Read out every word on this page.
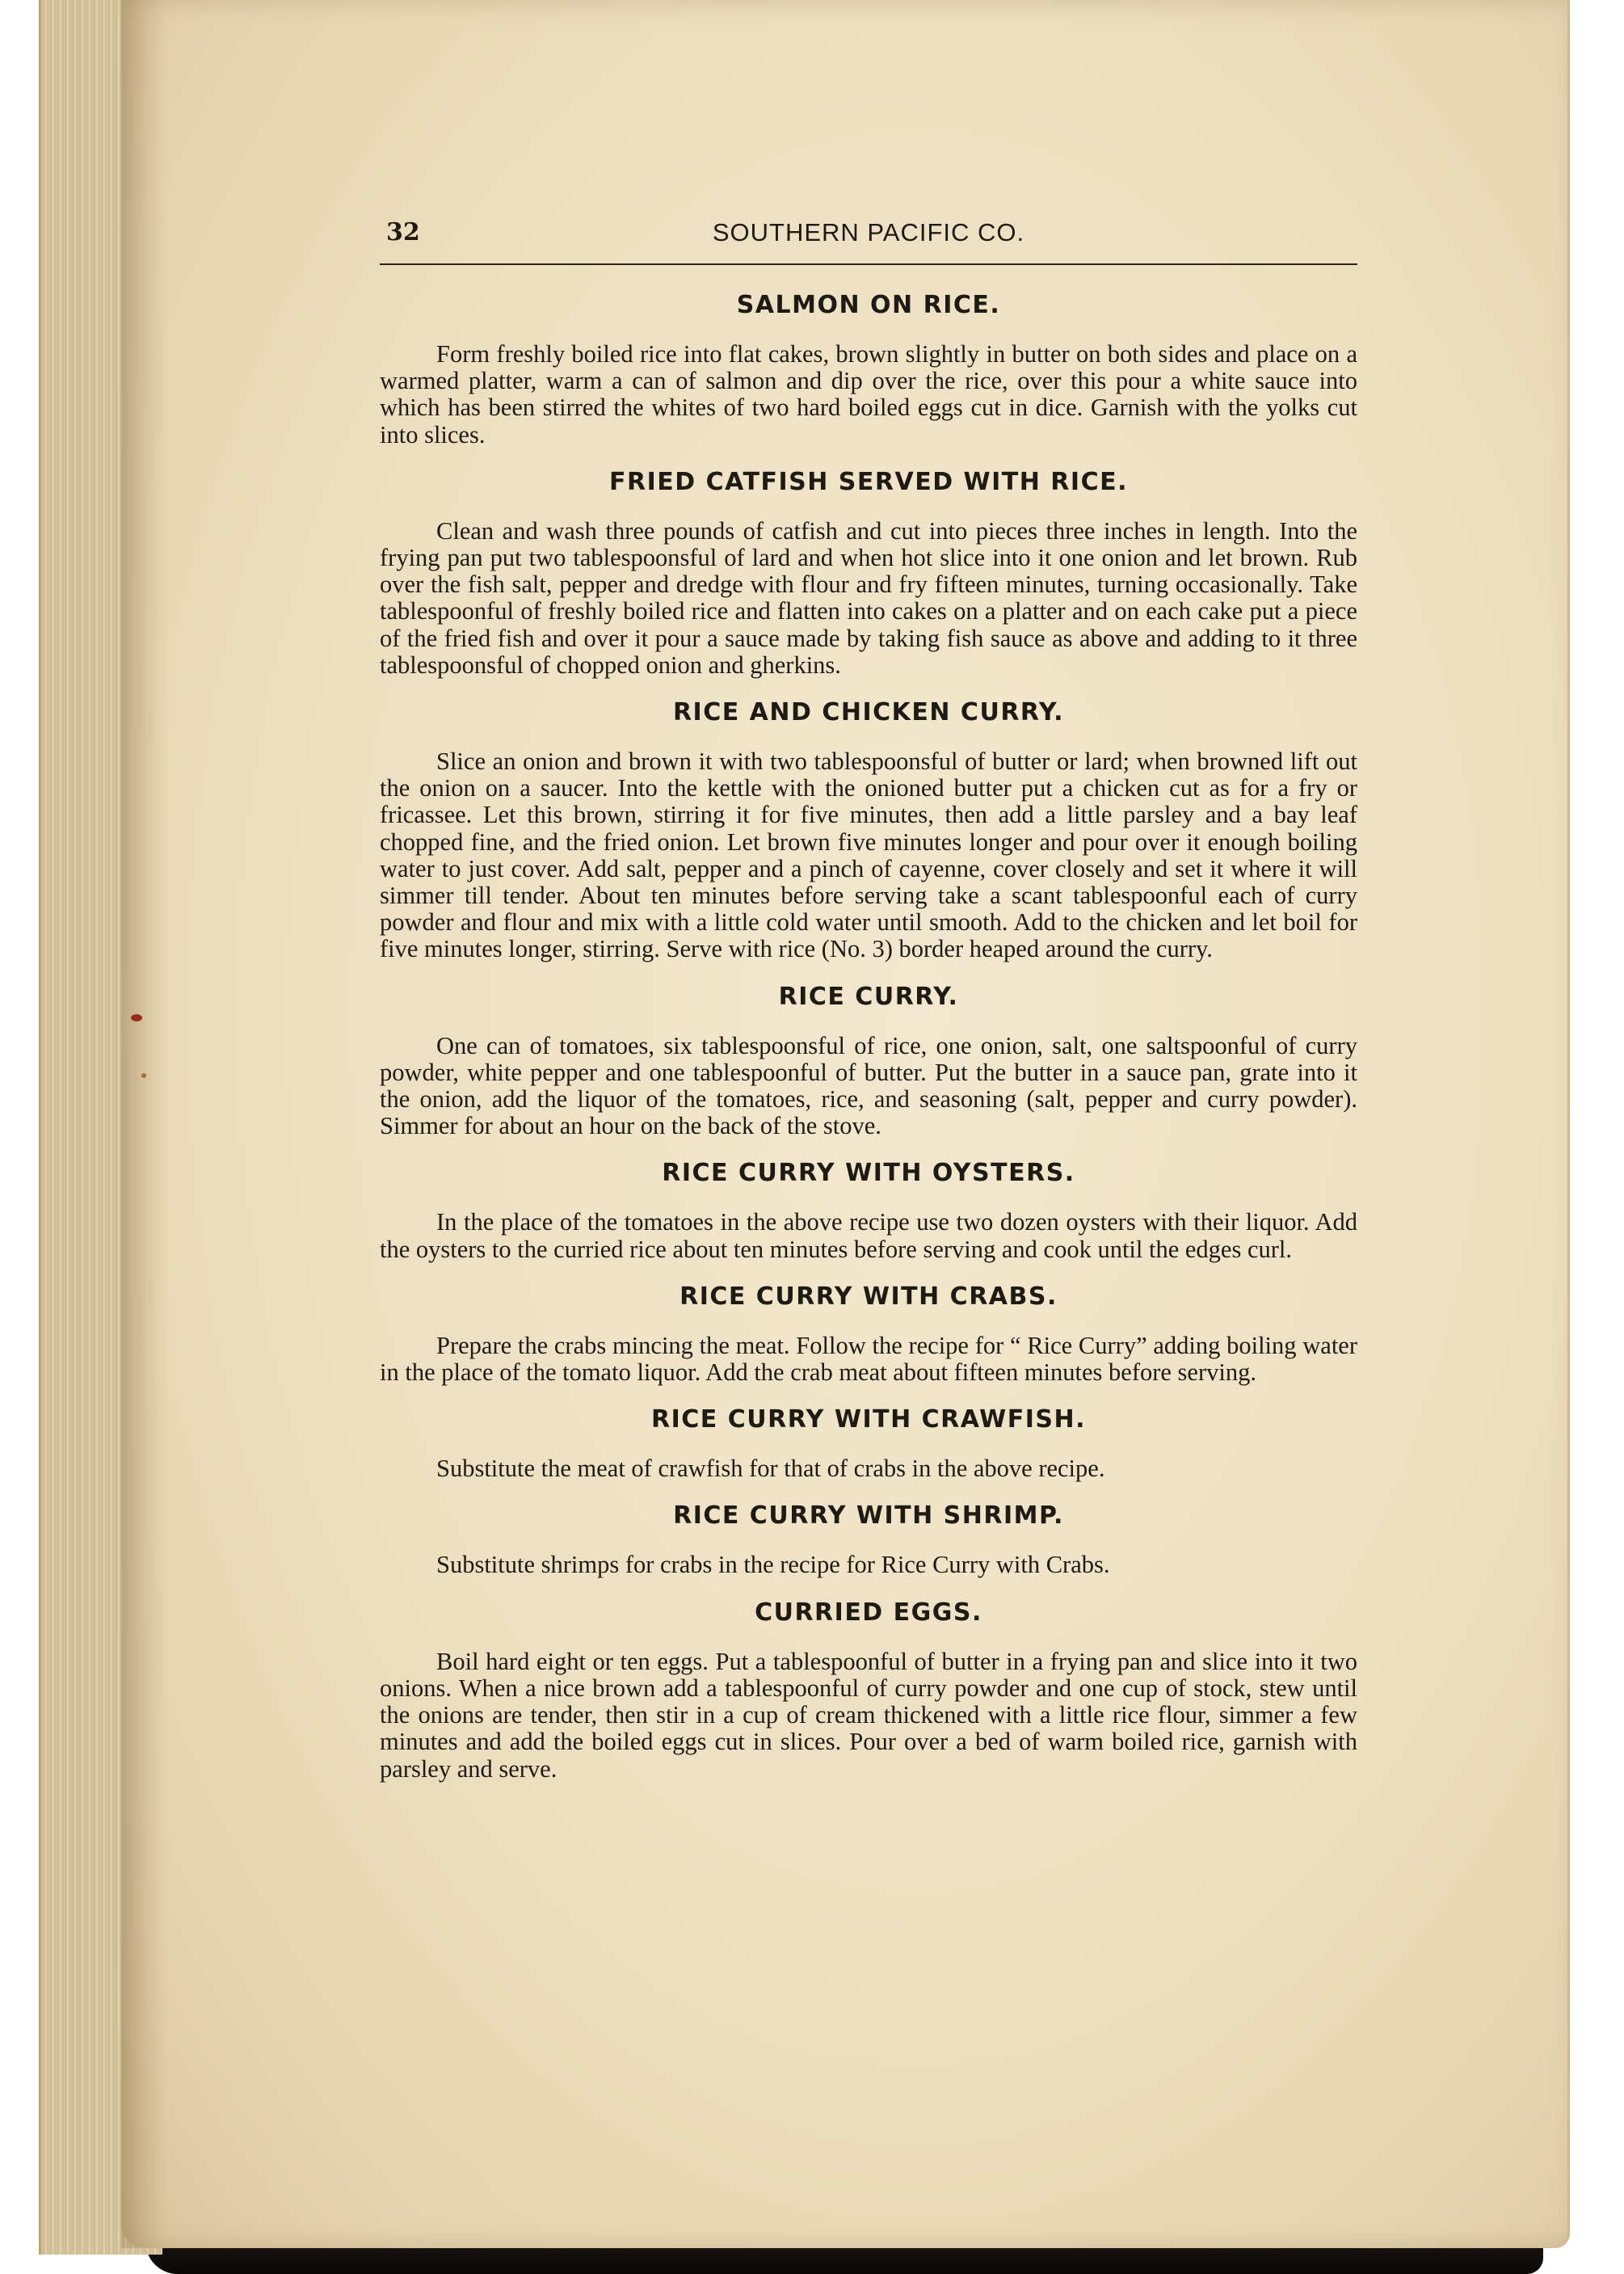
32	SOUTHERN PACIFIC CO.
SALMON ON RICE.

Form freshly boiled rice into flat cakes, brown slightly in butter on both sides and place on a warmed platter, warm a can of salmon and dip over the rice, over this pour a white sauce into which has been stirred the whites of two hard boiled eggs cut in dice. Garnish with the yolks cut into slices.

FRIED CATFISH SERVED WITH RICE.

Clean and wash three pounds of catfish and cut into pieces three inches in length. Into the frying pan put two tablespoonsful of lard and when hot slice into it one onion and let brown. Rub over the fish salt, pepper and dredge with flour and fry fifteen minutes, turning occasionally. Take tablespoonful of freshly boiled rice and flatten into cakes on a platter and on each cake put a piece of the fried fish and over it pour a sauce made by taking fish sauce as above and adding to it three tablespoonsful of chopped onion and gherkins.

RICE AND CHICKEN CURRY.

Slice an onion and brown it with two tablespoonsful of butter or lard; when browned lift out the onion on a saucer. Into the kettle with the onioned butter put a chicken cut as for a fry or fricassee. Let this brown, stirring it for five minutes, then add a little parsley and a bay leaf chopped fine, and the fried onion. Let brown five minutes longer and pour over it enough boiling water to just cover. Add salt, pepper and a pinch of cayenne, cover closely and set it where it will simmer till tender. About ten minutes before serving take a scant tablespoonful each of curry powder and flour and mix with a little cold water until smooth. Add to the chicken and let boil for five minutes longer, stirring. Serve with rice (No. 3) border heaped around the curry.

RICE CURRY.

One can of tomatoes, six tablespoonsful of rice, one onion, salt, one saltspoonful of curry powder, white pepper and one tablespoonful of butter. Put the butter in a sauce pan, grate into it the onion, add the liquor of the tomatoes, rice, and seasoning (salt, pepper and curry powder). Simmer for about an hour on the back of the stove.

RICE CURRY WITH OYSTERS.

In the place of the tomatoes in the above recipe use two dozen oysters with their liquor. Add the oysters to the curried rice about ten minutes before serving and cook until the edges curl.

RICE CURRY WITH CRABS.

Prepare the crabs mincing the meat. Follow the recipe for “ Rice Curry” adding boiling water in the place of the tomato liquor. Add the crab meat about fifteen minutes before serving.

RICE CURRY WITH CRAWFISH.

Substitute the meat of crawfish for that of crabs in the above recipe.

RICE CURRY WITH SHRIMP.

Substitute shrimps for crabs in the recipe for Rice Curry with Crabs.

CURRIED EGGS.

Boil hard eight or ten eggs. Put a tablespoonful of butter in a frying pan and slice into it two onions. When a nice brown add a tablespoonful of curry powder and one cup of stock, stew until the onions are tender, then stir in a cup of cream thickened with a little rice flour, simmer a few minutes and add the boiled eggs cut in slices. Pour over a bed of warm boiled rice, garnish with parsley and serve.
